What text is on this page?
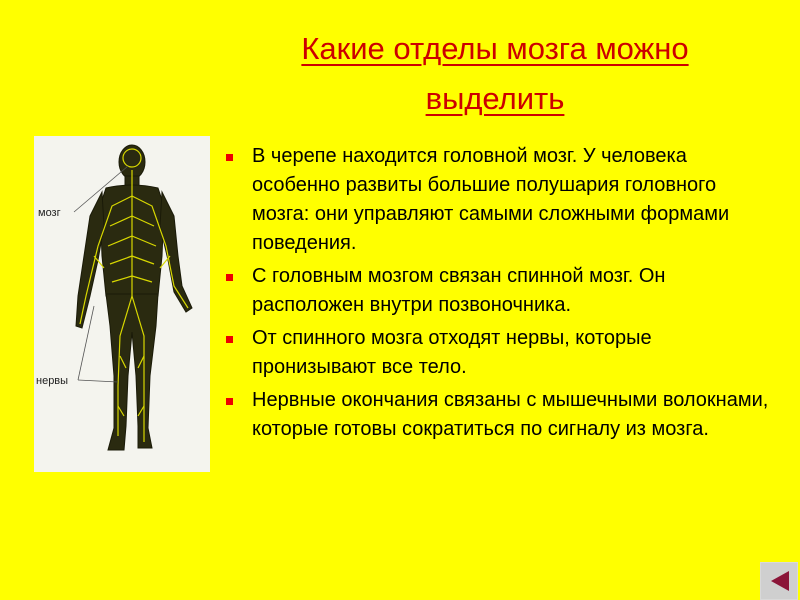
Какие отделы мозга можно выделить
мозг
нервы
В черепе находится головной мозг. У человека особенно развиты большие полушария головного мозга: они управляют самыми сложными формами поведения.
С головным мозгом связан спинной мозг. Он расположен внутри позвоночника.
От спинного мозга отходят нервы, которые пронизывают все тело.
Нервные окончания связаны с мышечными волокнами, которые готовы сократиться по сигналу из мозга.
